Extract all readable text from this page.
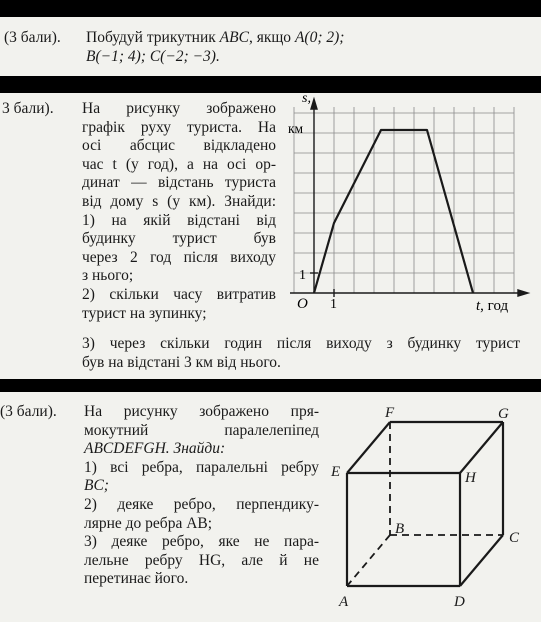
(3 бали). Побудуй трикутник ABC, якщо A(0; 2);
B(−1; 4); C(−2; −3).
3 бали). На рисунку зображено
графік руху туриста. На
осі абсцис відкладено
час t (у год), а на осі ор-
динат — відстань туриста
від дому s (у км). Знайди:
1) на якій відстані від
будинку турист був
через 2 год після виходу
з нього;
2) скільки часу витратив
турист на зупинку;
3) через скільки годин після виходу з будинку турист
був на відстані 3 км від нього.
s,
км
1
O 1	t, год
(3 бали). На рисунку зображено пря-
мокутний паралелепіпед
ABCDEFGH. Знайди:
1) всі ребра, паралельні ребру
BC;
2) деяке ребро, перпендику-
лярне до ребра AB;
3) деяке ребро, яке не пара-
лельне ребру HG, але й не
перетинає його.
F	G
E	H
B
C
A	D
